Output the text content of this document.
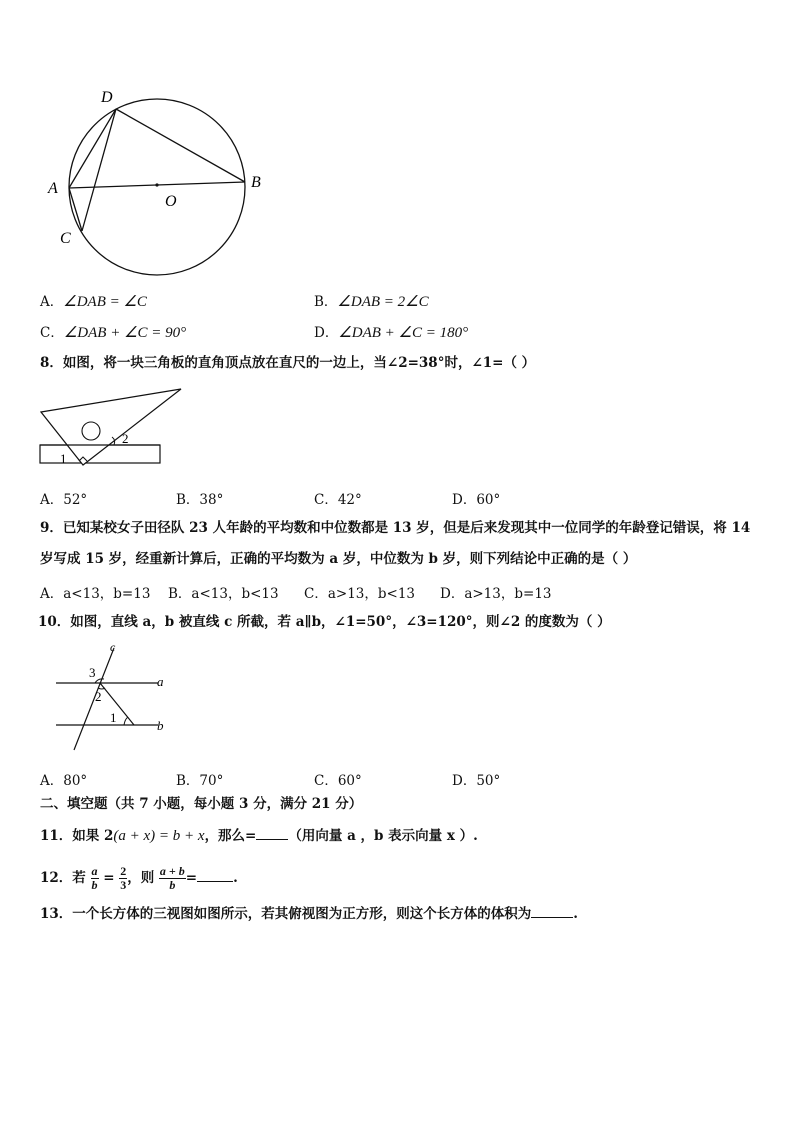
D
A	B
C
O
A．∠DAB = ∠C	B．∠DAB = 2∠C
C．∠DAB + ∠C = 90°	D．∠DAB + ∠C = 180°
8．如图，将一块三角板的直角顶点放在直尺的一边上，当∠2=38°时，∠1=（ ）
1
2
A．52°	B．38°	C．42°	D．60°
9．已知某校女子田径队 23 人年龄的平均数和中位数都是 13 岁，但是后来发现其中一位同学的年龄登记错误，将 14
岁写成 15 岁，经重新计算后，正确的平均数为 a 岁，中位数为 b 岁，则下列结论中正确的是（ ）
A．a<13，b=13 B．a<13，b<13 C．a>13，b<13 D．a>13，b=13
10．如图，直线 a，b 被直线 c 所截，若 a∥b，∠1=50°，∠3=120°，则∠2 的度数为（ ）
c
a
b
3
2
1
A．80°	B．70°	C．60°	D．50°
二、填空题（共 7 小题，每小题 3 分，满分 21 分）
11．如果 2(a + x) = b + x，那么= （用向量 a ，b 表示向量 x ）.
12．若 $\frac{a}{b} = \frac{2}{3}$ ，则 $\frac{a + b}{b}$ =	.
13．一个长方体的三视图如图所示，若其俯视图为正方形，则这个长方体的体积为	.
